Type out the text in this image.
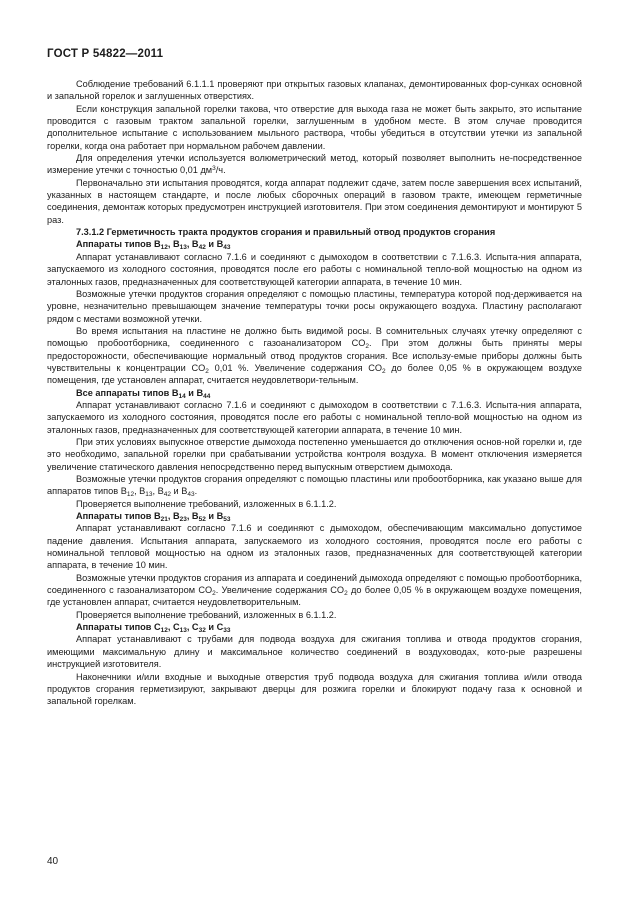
ГОСТ Р 54822—2011

Соблюдение требований 6.1.1.1 проверяют при открытых газовых клапанах, демонтированных фор-сунках основной и запальной горелок и заглушенных отверстиях.

Если конструкция запальной горелки такова, что отверстие для выхода газа не может быть закрыто, это испытание проводится с газовым трактом запальной горелки, заглушенным в удобном месте. В этом случае проводится дополнительное испытание с использованием мыльного раствора, чтобы убедиться в отсутствии утечки из запальной горелки, когда она работает при нормальном рабочем давлении.

Для определения утечки используется волюметрический метод, который позволяет выполнить не-посредственное измерение утечки с точностью 0,01 $дм^3/ч$.

Первоначально эти испытания проводятся, когда аппарат подлежит сдаче, затем после завершения всех испытаний, указанных в настоящем стандарте, и после любых сборочных операций в газовом тракте, имеющем герметичные соединения, демонтаж которых предусмотрен инструкцией изготовителя. При этом соединения демонтируют и монтируют 5 раз.

7.3.1.2 Герметичность тракта продуктов сгорания и правильный отвод продуктов сгорания

Аппараты типов $B_{12}$, $B_{13}$, $B_{42}$ и $B_{43}$

Аппарат устанавливают согласно 7.1.6 и соединяют с дымоходом в соответствии с 7.1.6.3. Испыта-ния аппарата, запускаемого из холодного состояния, проводятся после его работы с номинальной тепло-вой мощностью на одном из эталонных газов, предназначенных для соответствующей категории аппарата, в течение 10 мин.

Возможные утечки продуктов сгорания определяют с помощью пластины, температура которой под-держивается на уровне, незначительно превышающем значение температуры точки росы окружающего воздуха. Пластину располагают рядом с местами возможной утечки.

Во время испытания на пластине не должно быть видимой росы. В сомнительных случаях утечку определяют с помощью пробоотборника, соединенного с газоанализатором $CO_2$. При этом должны быть приняты меры предосторожности, обеспечивающие нормальный отвод продуктов сгорания. Все использу-емые приборы должны быть чувствительны к концентрации $CO_2$ 0,01 %. Увеличение содержания $CO_2$ до более 0,05 % в окружающем воздухе помещения, где установлен аппарат, считается неудовлетвори-тельным.

Все аппараты типов $B_{14}$ и $B_{44}$

Аппарат устанавливают согласно 7.1.6 и соединяют с дымоходом в соответствии с 7.1.6.3. Испыта-ния аппарата, запускаемого из холодного состояния, проводятся после его работы с номинальной тепло-вой мощностью на одном из эталонных газов, предназначенных для соответствующей категории аппарата, в течение 10 мин.

При этих условиях выпускное отверстие дымохода постепенно уменьшается до отключения основ-ной горелки и, где это необходимо, запальной горелки при срабатывании устройства контроля воздуха. В момент отключения измеряется увеличение статического давления непосредственно перед выпускным отверстием дымохода.

Возможные утечки продуктов сгорания определяют с помощью пластины или пробоотборника, как указано выше для аппаратов типов $B_{12}$, $B_{13}$, $B_{42}$ и $B_{43}$.

Проверяется выполнение требований, изложенных в 6.1.1.2.

Аппараты типов $B_{21}$, $B_{23}$, $B_{52}$ и $B_{53}$

Аппарат устанавливают согласно 7.1.6 и соединяют с дымоходом, обеспечивающим максимально допустимое падение давления. Испытания аппарата, запускаемого из холодного состояния, проводятся после его работы с номинальной тепловой мощностью на одном из эталонных газов, предназначенных для соответствующей категории аппарата, в течение 10 мин.

Возможные утечки продуктов сгорания из аппарата и соединений дымохода определяют с помощью пробоотборника, соединенного с газоанализатором $CO_2$. Увеличение содержания $CO_2$ до более 0,05 % в окружающем воздухе помещения, где установлен аппарат, считается неудовлетворительным.

Проверяется выполнение требований, изложенных в 6.1.1.2.

Аппараты типов $C_{12}$, $C_{13}$, $C_{32}$ и $C_{33}$

Аппарат устанавливают с трубами для подвода воздуха для сжигания топлива и отвода продуктов сгорания, имеющими максимальную длину и максимальное количество соединений в воздуховодах, кото-рые разрешены инструкцией изготовителя.

Наконечники и/или входные и выходные отверстия труб подвода воздуха для сжигания топлива и/или отвода продуктов сгорания герметизируют, закрывают дверцы для розжига горелки и блокируют подачу газа к основной и запальной горелкам.

40
